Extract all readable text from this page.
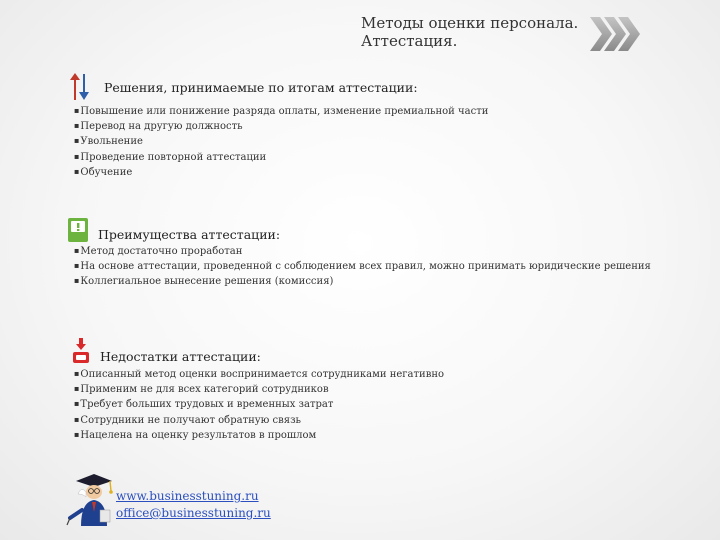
Методы оценки персонала.
Аттестация.
Решения, принимаемые по итогам аттестации:
▪ Повышение или понижение разряда оплаты, изменение премиальной части
▪ Перевод на другую должность
▪ Увольнение
▪ Проведение повторной аттестации
▪ Обучение
Преимущества аттестации:
▪ Метод достаточно проработан
▪ На основе аттестации, проведенной с соблюдением всех правил, можно принимать юридические решения
▪ Коллегиальное вынесение решения (комиссия)
Недостатки аттестации:
▪ Описанный метод оценки воспринимается сотрудниками негативно
▪ Применим не для всех категорий сотрудников
▪ Требует больших трудовых и временных затрат
▪ Сотрудники не получают обратную связь
▪ Нацелена на оценку результатов в прошлом
www.businesstuning.ru
office@businesstuning.ru
